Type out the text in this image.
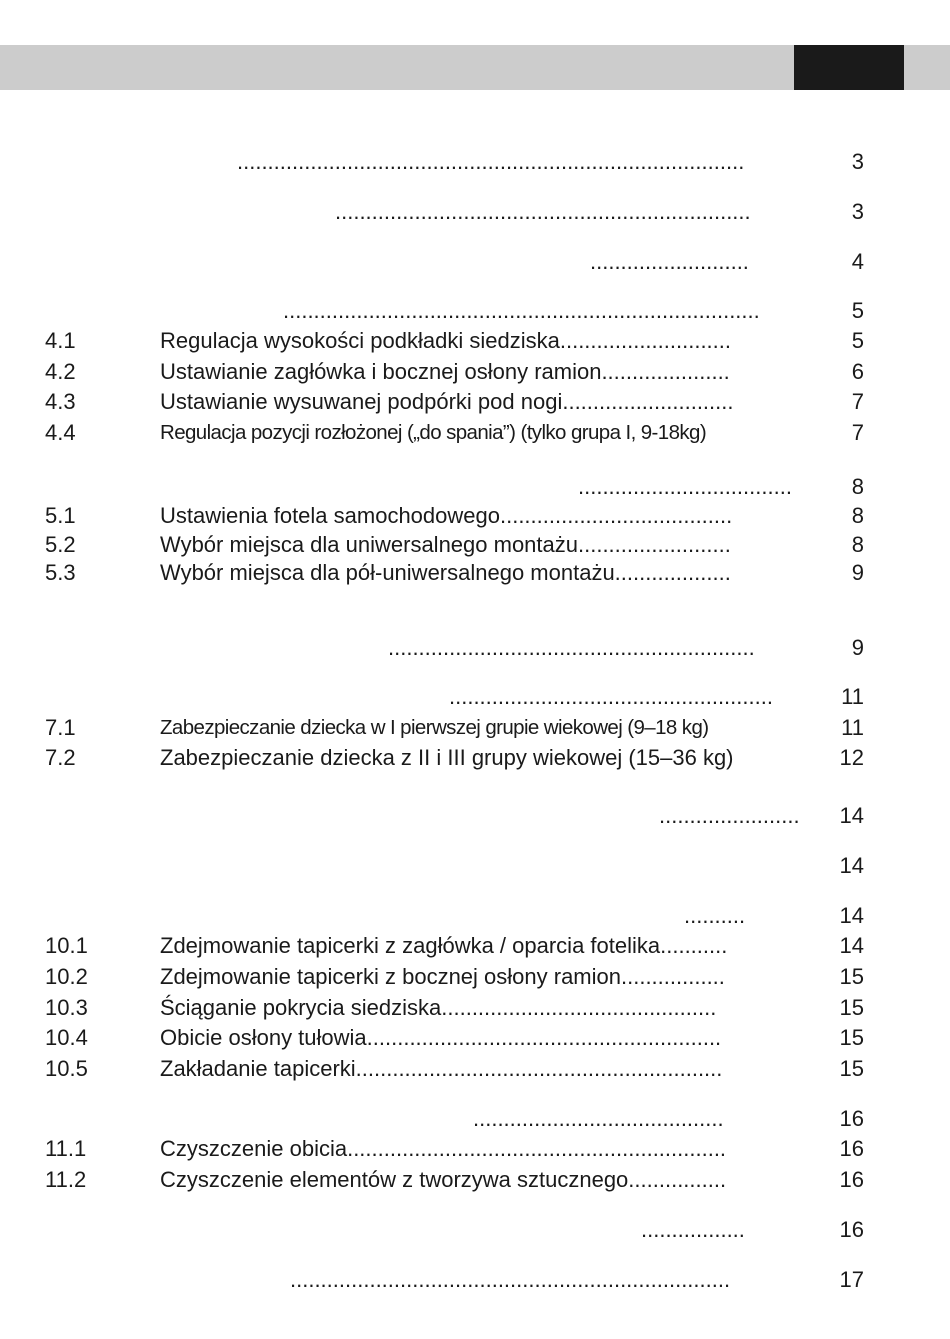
...................................................................................	3
....................................................................	3
..........................	4
..............................................................................	5
4.1	Regulacja wysokości podkładki siedziska............................	5
4.2	Ustawianie zagłówka i bocznej osłony ramion.....................	6
4.3	Ustawianie wysuwanej podpórki pod nogi............................	7
4.4	Regulacja pozycji rozłożonej („do spania”) (tylko grupa I, 9-18kg)	7
...................................	8
5.1	Ustawienia fotela samochodowego......................................	8
5.2	Wybór miejsca dla uniwersalnego montażu.........................	8
5.3	Wybór miejsca dla pół-uniwersalnego montażu...................	9
............................................................	9
.....................................................	11
7.1	Zabezpieczanie dziecka w I pierwszej grupie wiekowej (9–18 kg)	11
7.2	Zabezpieczanie dziecka z II i III grupy wiekowej (15–36 kg)	12
....................... 14
14
..........	14
10.1	Zdejmowanie tapicerki z zagłówka / oparcia fotelika...........	14
10.2	Zdejmowanie tapicerki z bocznej osłony ramion.................	15
10.3	Ściąganie pokrycia siedziska.............................................	15
10.4	Obicie osłony tułowia..........................................................	15
10.5	Zakładanie tapicerki............................................................	15
.........................................	16
11.1	Czyszczenie obicia..............................................................	16
11.2	Czyszczenie elementów z tworzywa sztucznego................	16
.................	16
........................................................................	17
